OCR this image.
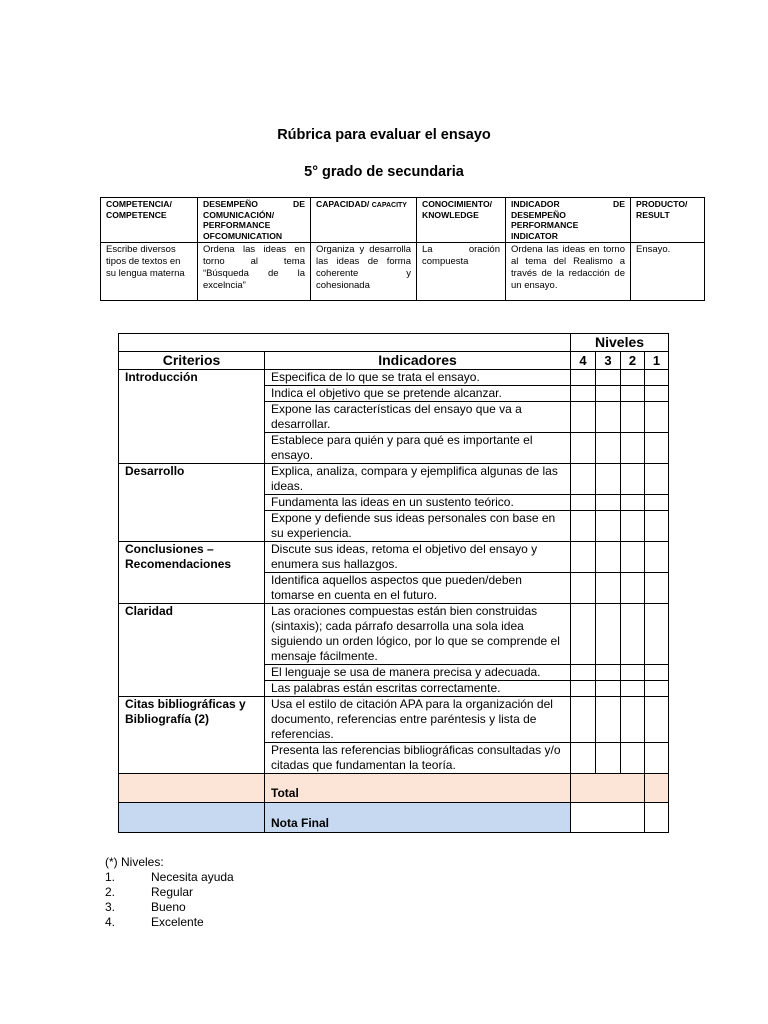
Rúbrica para evaluar el ensayo
5° grado de secundaria
COMPETENCIA/ COMPETENCE	DESEMPEÑO DE COMUNICACIÓN/ PERFORMANCE OFCOMUNICATION	CAPACIDAD/ CAPACITY	CONOCIMIENTO/ KNOWLEDGE	INDICADOR DE DESEMPEÑO PERFORMANCE INDICATOR	PRODUCTO/ RESULT
Escribe diversos tipos de textos en su lengua materna	Ordena las ideas en torno al tema “Búsqueda de la excelncia”	Organiza y desarrolla las ideas de forma coherente y cohesionada	La oración compuesta	Ordena las ideas en torno al tema del Realismo a través de la redacción de un ensayo.	Ensayo.
		Niveles			
Criterios	Indicadores	4	3	2	1
Introducción	Especifica de lo que se trata el ensayo.				
	Indica el objetivo que se pretende alcanzar.				
	Expone las características del ensayo que va a desarrollar.				
	Establece para quién y para qué es importante el ensayo.				
Desarrollo	Explica, analiza, compara y ejemplifica algunas de las ideas.				
	Fundamenta las ideas en un sustento teórico.				
	Expone y defiende sus ideas personales con base en su experiencia.				
Conclusiones – Recomendaciones	Discute sus ideas, retoma el objetivo del ensayo y enumera sus hallazgos.				
	Identifica aquellos aspectos que pueden/deben tomarse en cuenta en el futuro.				
Claridad	Las oraciones compuestas están bien construidas (sintaxis); cada párrafo desarrolla una sola idea siguiendo un orden lógico, por lo que se comprende el mensaje fácilmente.				
	El lenguaje se usa de manera precisa y adecuada.				
	Las palabras están escritas correctamente.				
Citas bibliográficas y Bibliografía (2)	Usa el estilo de citación APA para la organización del documento, referencias entre paréntesis y lista de referencias.				
	Presenta las referencias bibliográficas consultadas y/o citadas que fundamentan la teoría.				
	Total				
	Nota Final				
(*) Niveles:
1.	Necesita ayuda
2.	Regular
3.	Bueno
4.	Excelente
